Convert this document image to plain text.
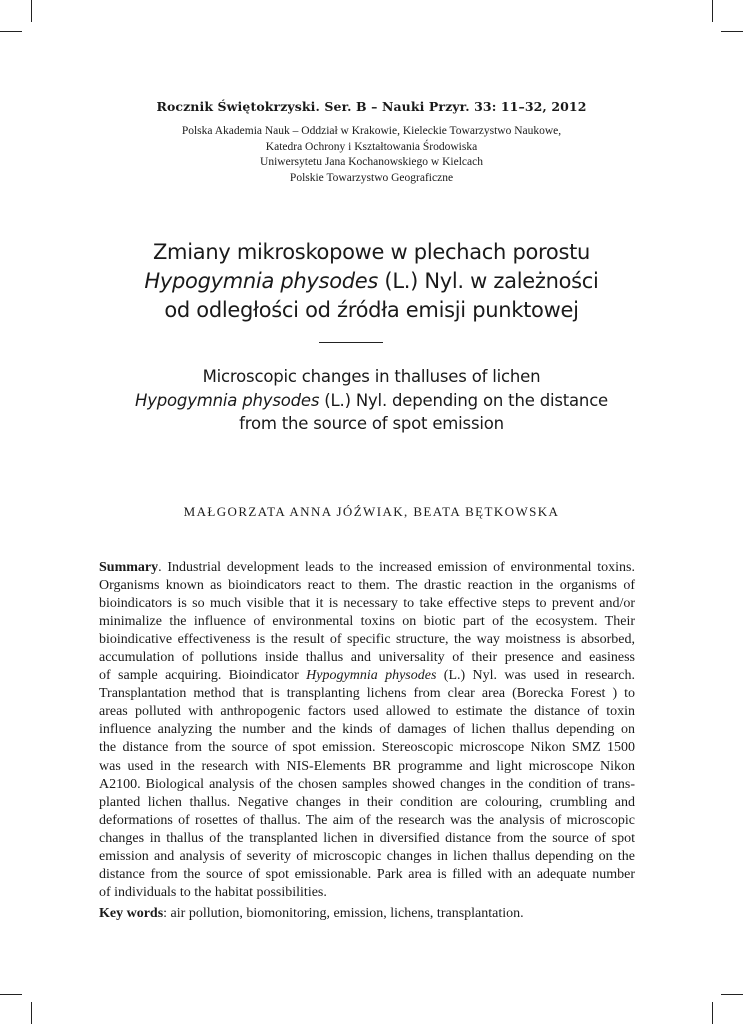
Rocznik Świętokrzyski. Ser. B – Nauki Przyr. 33: 11–32, 2012
Polska Akademia Nauk – Oddział w Krakowie, Kieleckie Towarzystwo Naukowe,
Katedra Ochrony i Kształtowania Środowiska
Uniwersytetu Jana Kochanowskiego w Kielcach
Polskie Towarzystwo Geograficzne
Zmiany mikroskopowe w plechach porostu
Hypogymnia physodes (L.) Nyl. w zależności
od odległości od źródła emisji punktowej
Microscopic changes in thalluses of lichen
Hypogymnia physodes (L.) Nyl. depending on the distance
from the source of spot emission
MAŁGORZATA ANNA JÓŹWIAK, BEATA BĘTKOWSKA
Summary. Industrial development leads to the increased emission of environmental toxins.
Organisms known as bioindicators react to them. The drastic reaction in the organisms of
bioindicators is so much visible that it is necessary to take effective steps to prevent and/or
minimalize the influence of environmental toxins on biotic part of the ecosystem. Their
bioindicative effectiveness is the result of specific structure, the way moistness is absorbed,
accumulation of pollutions inside thallus and universality of their presence and easiness
of sample acquiring. Bioindicator Hypogymnia physodes (L.) Nyl. was used in research.
Transplantation method that is transplanting lichens from clear area (Borecka Forest ) to
areas polluted with anthropogenic factors used allowed to estimate the distance of toxin
influence analyzing the number and the kinds of damages of lichen thallus depending on
the distance from the source of spot emission. Stereoscopic microscope Nikon SMZ 1500
was used in the research with NIS-Elements BR programme and light microscope Nikon
A2100. Biological analysis of the chosen samples showed changes in the condition of trans-
planted lichen thallus. Negative changes in their condition are colouring, crumbling and
deformations of rosettes of thallus. The aim of the research was the analysis of microscopic
changes in thallus of the transplanted lichen in diversified distance from the source of spot
emission and analysis of severity of microscopic changes in lichen thallus depending on the
distance from the source of spot emissionable. Park area is filled with an adequate number
of individuals to the habitat possibilities.
Key words: air pollution, biomonitoring, emission, lichens, transplantation.
